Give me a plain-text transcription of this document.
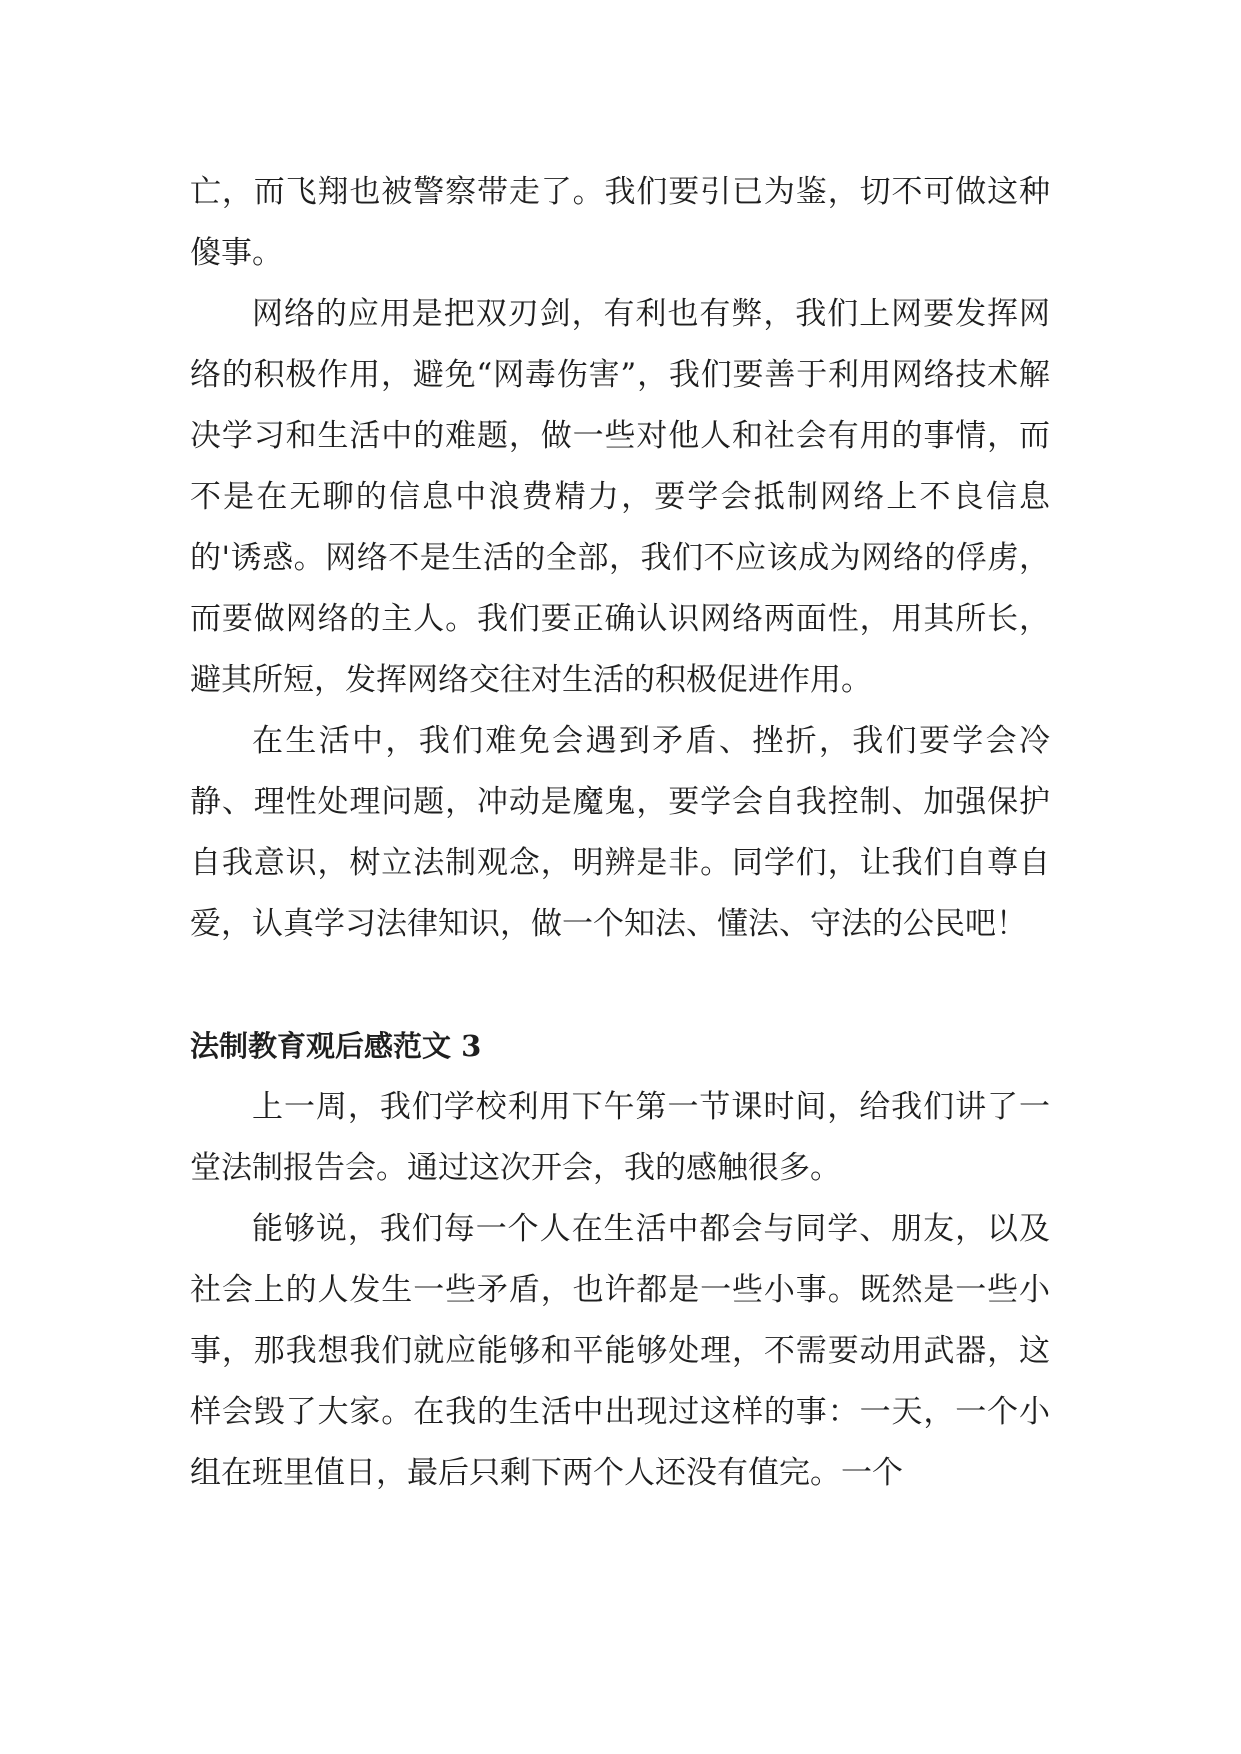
亡，而飞翔也被警察带走了。我们要引已为鉴，切不可做这种傻事。

网络的应用是把双刃剑，有利也有弊，我们上网要发挥网络的积极作用，避免“网毒伤害”，我们要善于利用网络技术解决学习和生活中的难题，做一些对他人和社会有用的事情，而不是在无聊的信息中浪费精力，要学会抵制网络上不良信息的'诱惑。网络不是生活的全部，我们不应该成为网络的俘虏，而要做网络的主人。我们要正确认识网络两面性，用其所长，避其所短，发挥网络交往对生活的积极促进作用。

在生活中，我们难免会遇到矛盾、挫折，我们要学会冷静、理性处理问题，冲动是魔鬼，要学会自我控制、加强保护自我意识，树立法制观念，明辨是非。同学们，让我们自尊自爱，认真学习法律知识，做一个知法、懂法、守法的公民吧！

法制教育观后感范文 3

上一周，我们学校利用下午第一节课时间，给我们讲了一堂法制报告会。通过这次开会，我的感触很多。

能够说，我们每一个人在生活中都会与同学、朋友，以及社会上的人发生一些矛盾，也许都是一些小事。既然是一些小事，那我想我们就应能够和平能够处理，不需要动用武器，这样会毁了大家。在我的生活中出现过这样的事：一天，一个小组在班里值日，最后只剩下两个人还没有值完。一个
